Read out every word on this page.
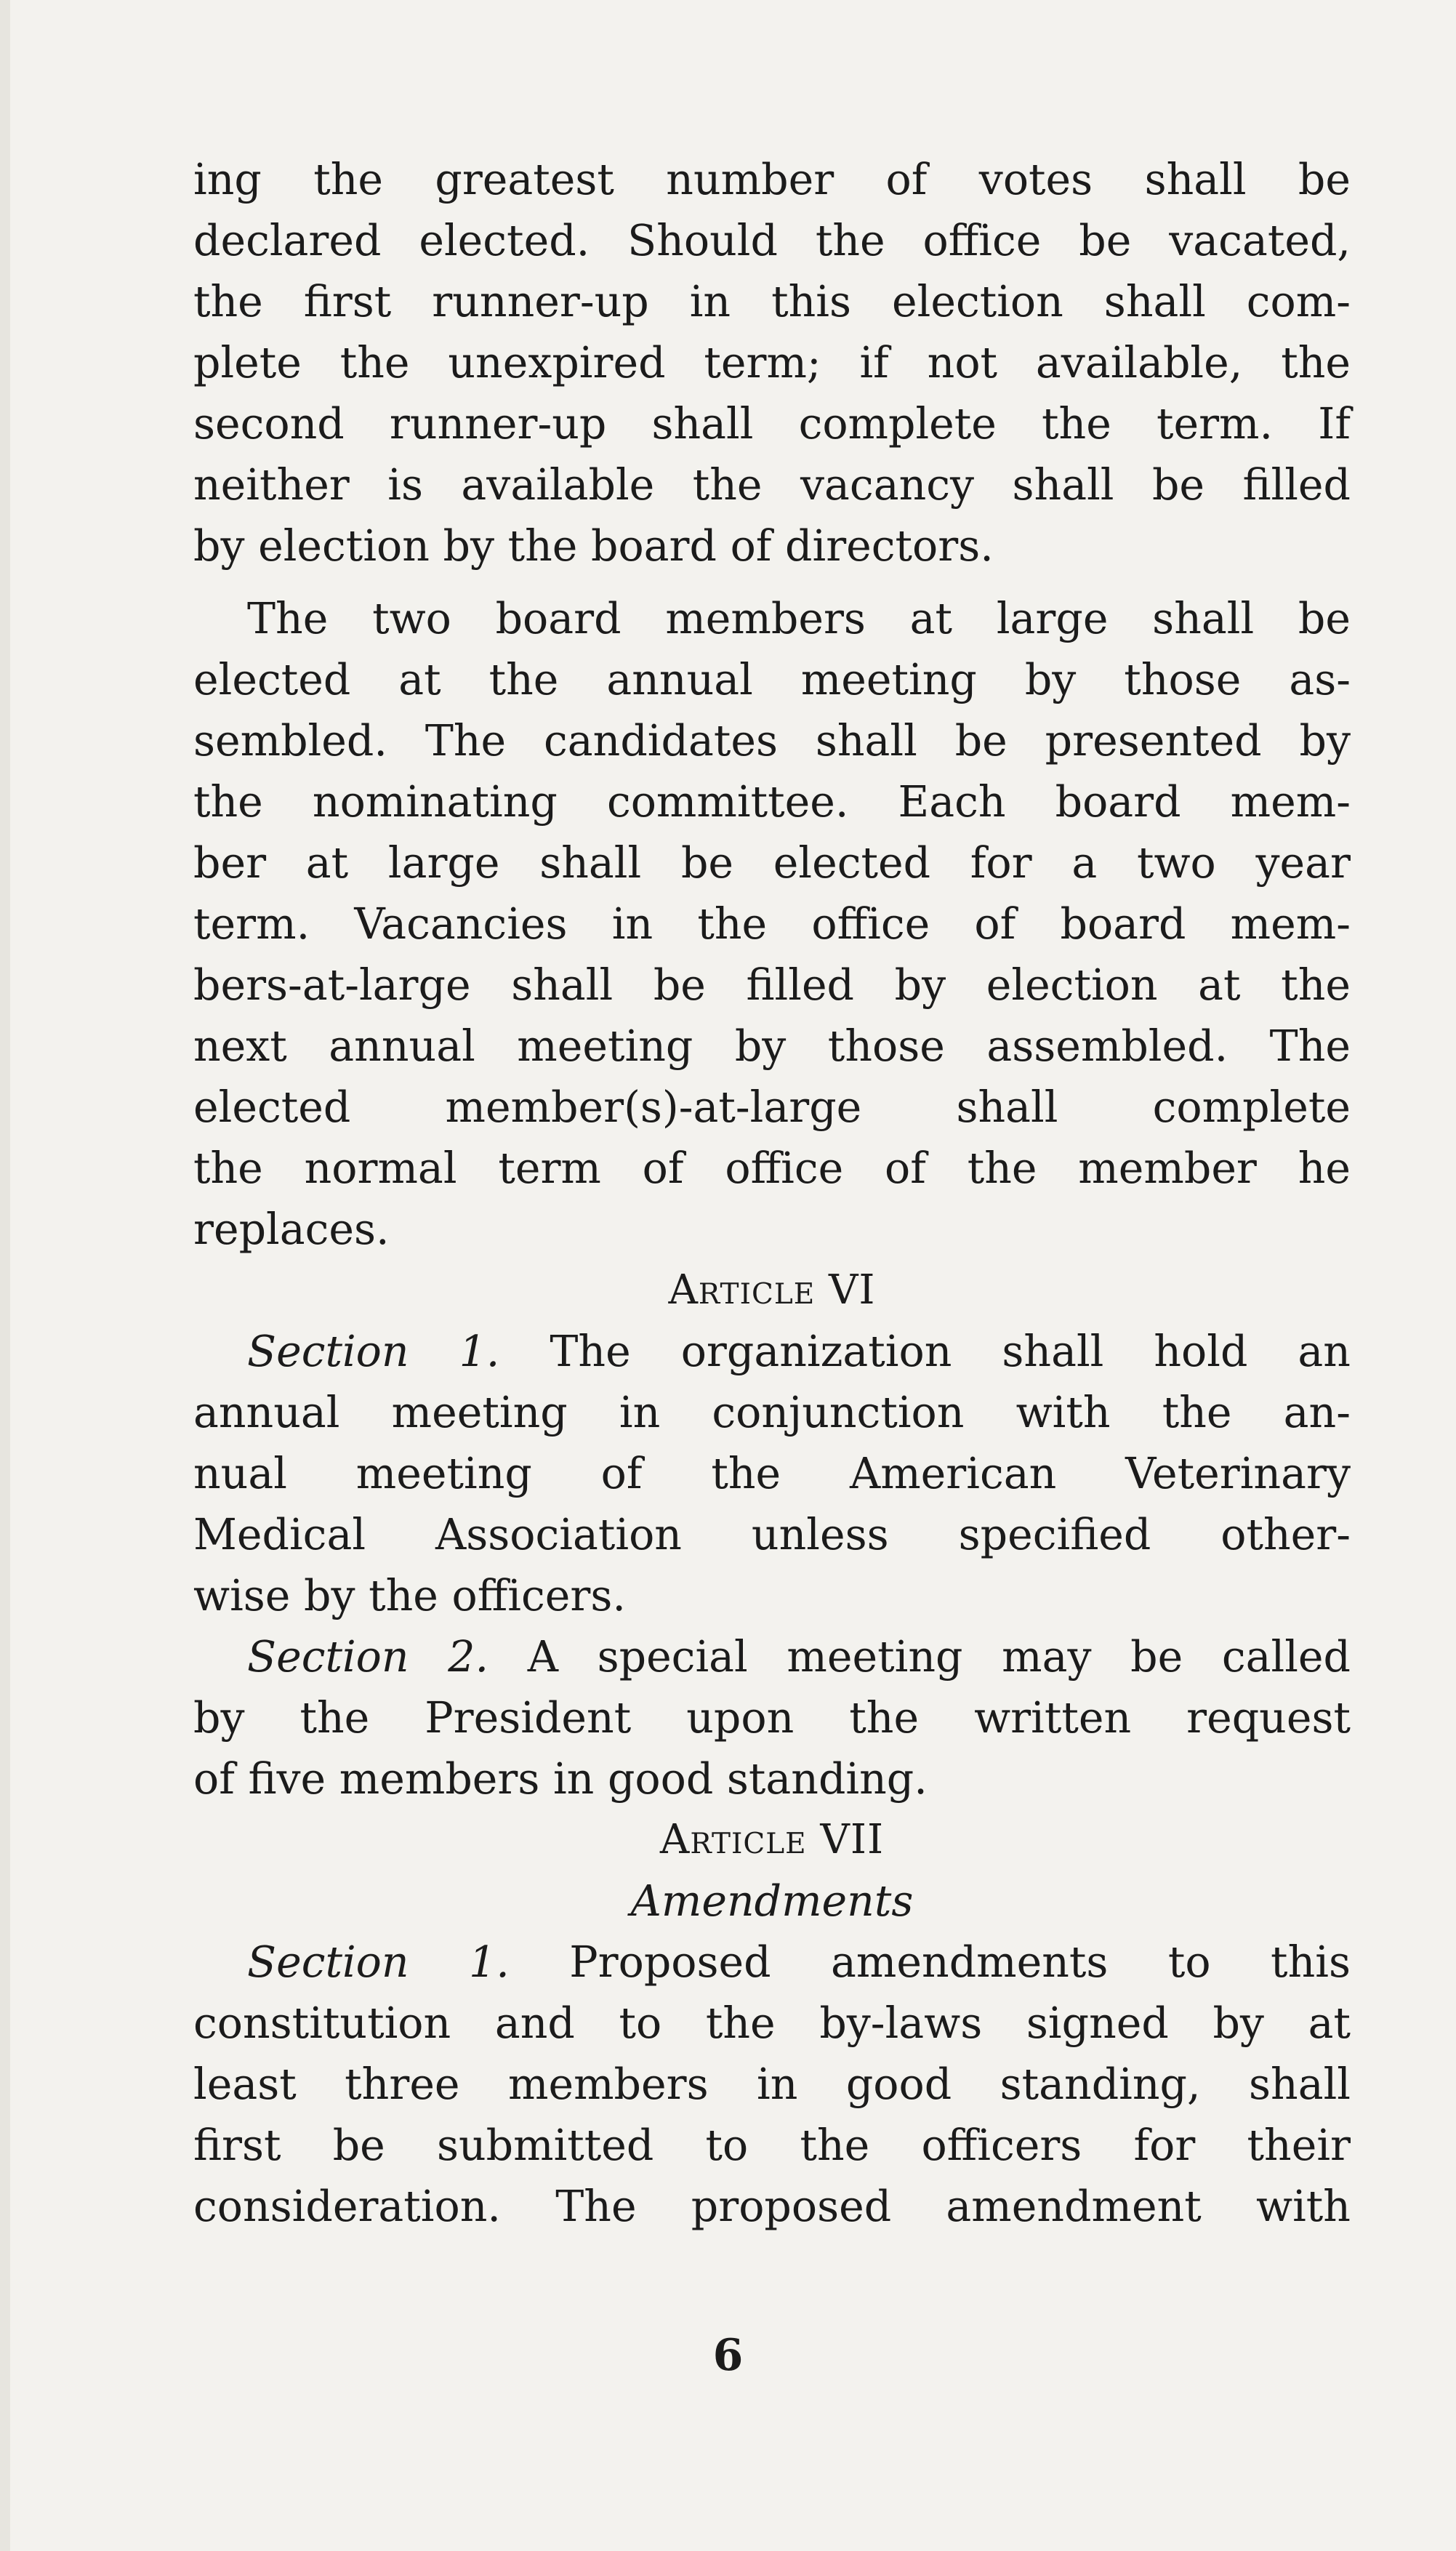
ing the greatest number of votes shall be
declared elected. Should the office be vacated,
the first runner-up in this election shall com-
plete the unexpired term; if not available, the
second runner-up shall complete the term. If
neither is available the vacancy shall be filled
by election by the board of directors.
The two board members at large shall be
elected at the annual meeting by those as-
sembled. The candidates shall be presented by
the nominating committee. Each board mem-
ber at large shall be elected for a two year
term. Vacancies in the office of board mem-
bers-at-large shall be filled by election at the
next annual meeting by those assembled. The
elected member(s)-at-large shall complete
the normal term of office of the member he
replaces.
Article VI
Section 1. The organization shall hold an
annual meeting in conjunction with the an-
nual meeting of the American Veterinary
Medical Association unless specified other-
wise by the officers.
Section 2. A special meeting may be called
by the President upon the written request
of five members in good standing.
Article VII
Amendments
Section 1. Proposed amendments to this
constitution and to the by-laws signed by at
least three members in good standing, shall
first be submitted to the officers for their
consideration. The proposed amendment with
6
